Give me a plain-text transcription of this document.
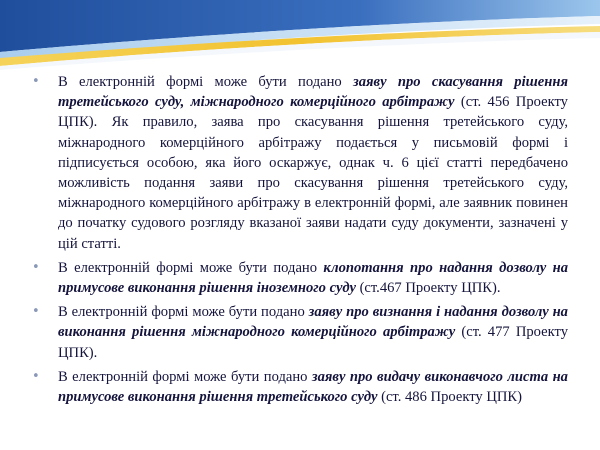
• В електронній формі може бути подано заяву про скасування рішення третейського суду, міжнародного комерційного арбітражу (ст. 456 Проекту ЦПК). Як правило, заява про скасування рішення третейського суду, міжнародного комерційного арбітражу подається у письмовій формі і підписується особою, яка його оскаржує, однак ч. 6 цієї статті передбачено можливість подання заяви про скасування рішення третейського суду, міжнародного комерційного арбітражу в електронній формі, але заявник повинен до початку судового розгляду вказаної заяви надати суду документи, зазначені у цій статті.

• В електронній формі може бути подано клопотання про надання дозволу на примусове виконання рішення іноземного суду (ст.467 Проекту ЦПК).

• В електронній формі може бути подано заяву про визнання і надання дозволу на виконання рішення міжнародного комерційного арбітражу (ст. 477 Проекту ЦПК).

• В електронній формі може бути подано заяву про видачу виконавчого листа на примусове виконання рішення третейського суду (ст. 486 Проекту ЦПК)
